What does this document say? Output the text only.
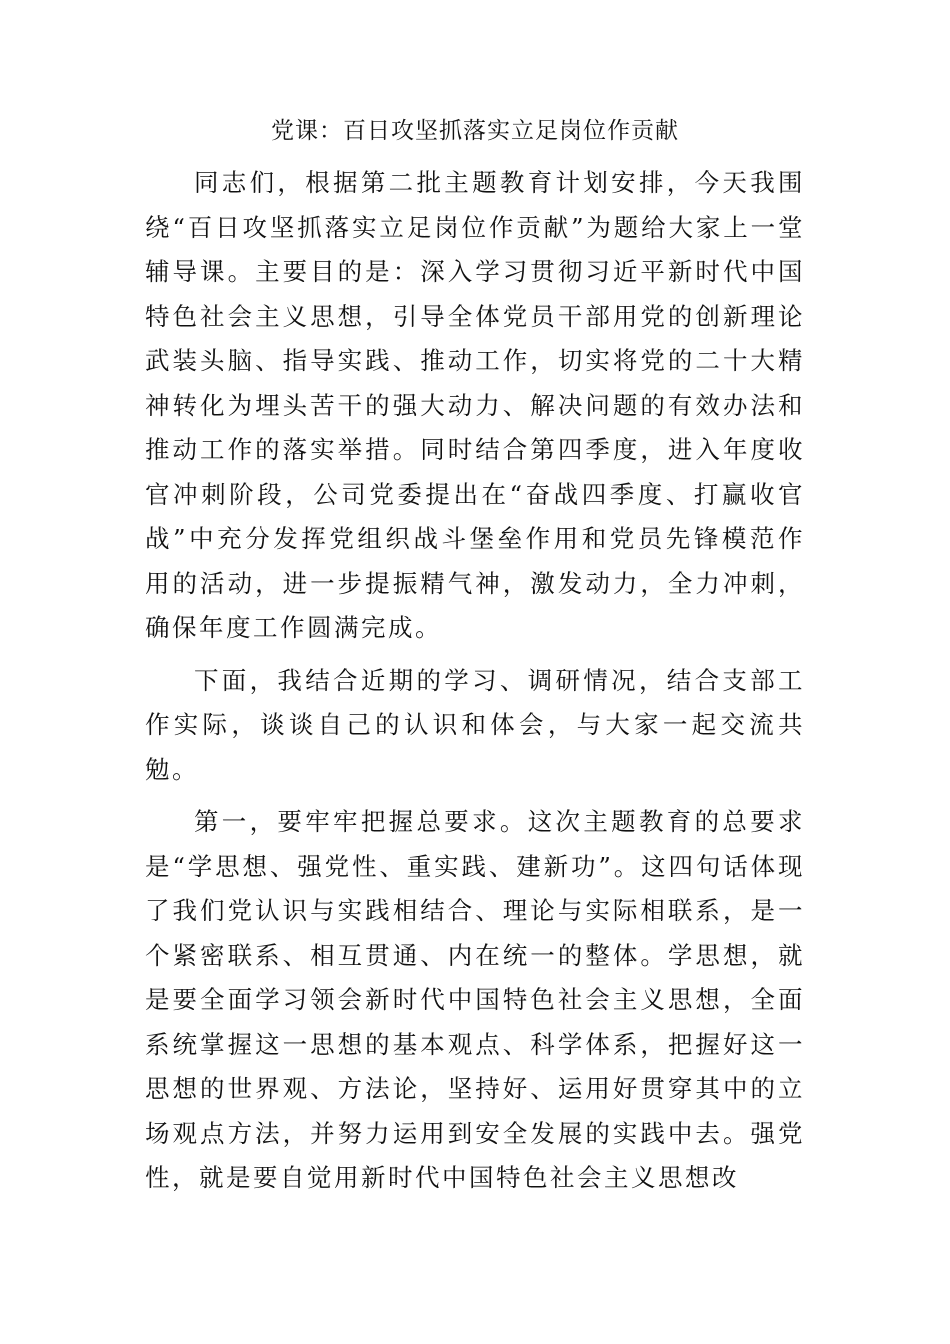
党课：百日攻坚抓落实立足岗位作贡献

同志们，根据第二批主题教育计划安排，今天我围绕“百日攻坚抓落实立足岗位作贡献”为题给大家上一堂辅导课。主要目的是：深入学习贯彻习近平新时代中国特色社会主义思想，引导全体党员干部用党的创新理论武装头脑、指导实践、推动工作，切实将党的二十大精神转化为埋头苦干的强大动力、解决问题的有效办法和推动工作的落实举措。同时结合第四季度，进入年度收官冲刺阶段，公司党委提出在“奋战四季度、打赢收官战”中充分发挥党组织战斗堡垒作用和党员先锋模范作用的活动，进一步提振精气神，激发动力，全力冲刺，确保年度工作圆满完成。

下面，我结合近期的学习、调研情况，结合支部工作实际，谈谈自己的认识和体会，与大家一起交流共勉。

第一，要牢牢把握总要求。这次主题教育的总要求是“学思想、强党性、重实践、建新功”。这四句话体现了我们党认识与实践相结合、理论与实际相联系，是一个紧密联系、相互贯通、内在统一的整体。学思想，就是要全面学习领会新时代中国特色社会主义思想，全面系统掌握这一思想的基本观点、科学体系，把握好这一思想的世界观、方法论，坚持好、运用好贯穿其中的立场观点方法，并努力运用到安全发展的实践中去。强党性，就是要自觉用新时代中国特色社会主义思想改
